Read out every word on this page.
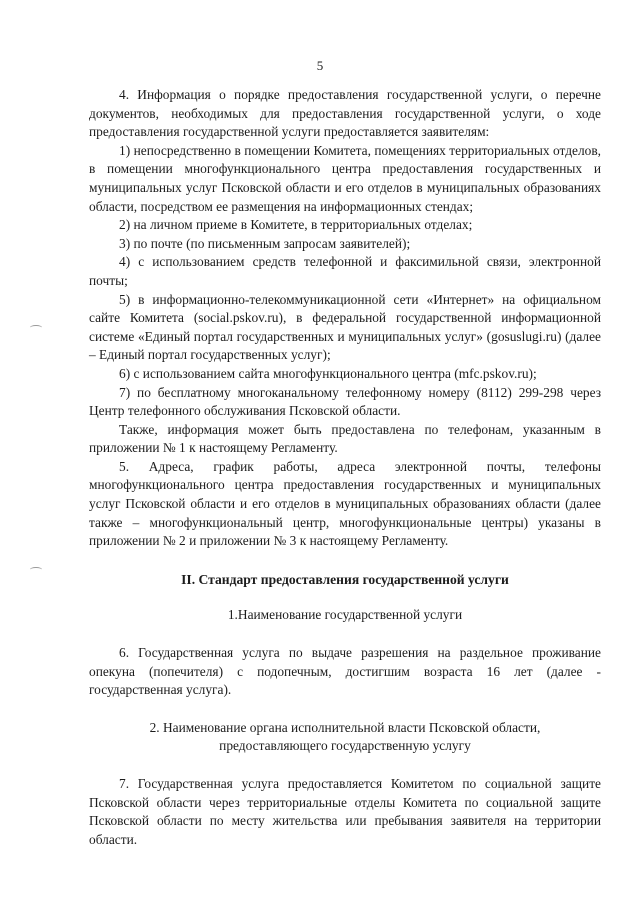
5

4. Информация о порядке предоставления государственной услуги, о перечне документов, необходимых для предоставления государственной услуги, о ходе предоставления государственной услуги предоставляется заявителям:

1) непосредственно в помещении Комитета, помещениях территориальных отделов, в помещении многофункционального центра предоставления государственных и муниципальных услуг Псковской области и его отделов в муниципальных образованиях области, посредством ее размещения на информационных стендах;

2) на личном приеме в Комитете, в территориальных отделах;

3) по почте (по письменным запросам заявителей);

4) с использованием средств телефонной и факсимильной связи, электронной почты;

5) в информационно-телекоммуникационной сети «Интернет» на официальном сайте Комитета (social.pskov.ru), в федеральной государственной информационной системе «Единый портал государственных и муниципальных услуг» (gosuslugi.ru) (далее – Единый портал государственных услуг);

6) с использованием сайта многофункционального центра (mfc.pskov.ru);

7) по бесплатному многоканальному телефонному номеру (8112) 299-298 через Центр телефонного обслуживания Псковской области.

Также, информация может быть предоставлена по телефонам, указанным в приложении № 1 к настоящему Регламенту.

5. Адреса, график работы, адреса электронной почты, телефоны многофункционального центра предоставления государственных и муниципальных услуг Псковской области и его отделов в муниципальных образованиях области (далее также – многофункциональный центр, многофункциональные центры) указаны в приложении № 2 и приложении № 3 к настоящему Регламенту.

II. Стандарт предоставления государственной услуги

1.Наименование государственной услуги

6. Государственная услуга по выдаче разрешения на раздельное проживание опекуна (попечителя) с подопечным, достигшим возраста 16 лет (далее - государственная услуга).

2. Наименование органа исполнительной власти Псковской области,

предоставляющего государственную услугу

7. Государственная услуга предоставляется Комитетом по социальной защите Псковской области через территориальные отделы Комитета по социальной защите Псковской области по месту жительства или пребывания заявителя на территории области.
